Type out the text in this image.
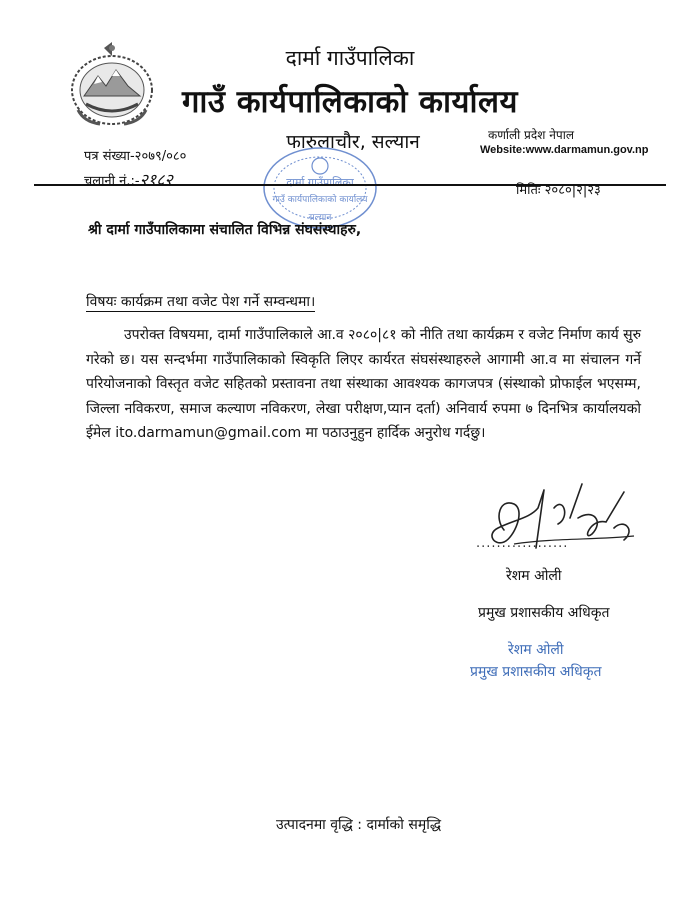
दार्मा गाउँपालिका
गाउँ कार्यपालिकाको कार्यालय
फारुलाचौर, सल्यान	कर्णाली प्रदेश नेपाल
Website:www.darmamun.gov.np
पत्र संख्या-२०७९/०८०
चलानी नं.:-२१८२	दार्मा गाउँपालिका
गाउँ कार्यपालिकाको कार्यालय
सल्यान
मितिः २०८०|२|२३
श्री दार्मा गाउँपालिकामा संचालित विभिन्न संघसंस्थाहरु,
विषयः कार्यक्रम तथा वजेट पेश गर्ने सम्वन्धमा।
उपरोक्त विषयमा, दार्मा गाउँपालिकाले आ.व २०८०|८१ को नीति तथा कार्यक्रम र वजेट निर्माण कार्य सुरु गरेको छ। यस सन्दर्भमा गाउँपालिकाको स्विकृति लिएर कार्यरत संघसंस्थाहरुले आगामी आ.व मा संचालन गर्ने परियोजनाको विस्तृत वजेट सहितको प्रस्तावना तथा संस्थाका आवश्यक कागजपत्र (संस्थाको प्रोफाईल भएसम्म, जिल्ला नविकरण, समाज कल्याण नविकरण, लेखा परीक्षण,प्यान दर्ता) अनिवार्य रुपमा ७ दिनभित्र कार्यालयको ईमेल ito.darmamun@gmail.com मा पठाउनुहुन हार्दिक अनुरोध गर्दछु।
..................
रेशम ओली
प्रमुख प्रशासकीय अधिकृत
रेशम ओली
प्रमुख प्रशासकीय अधिकृत
उत्पादनमा वृद्धि : दार्माको समृद्धि
